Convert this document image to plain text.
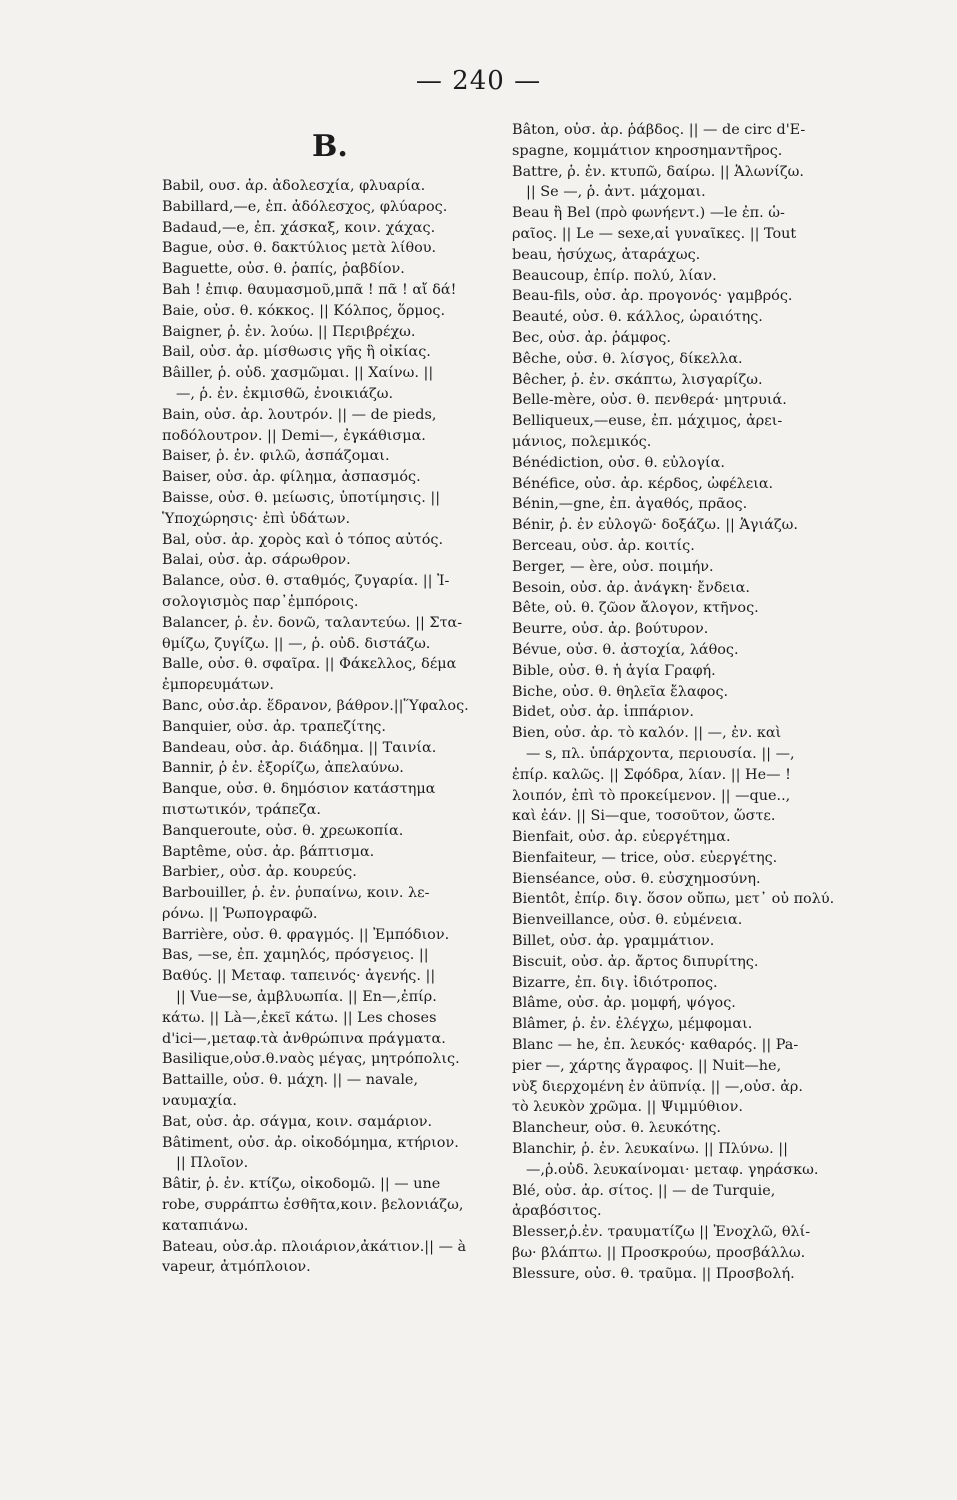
— 240 —
B.
Babil, ουσ. ἀρ. ἀδολεσχία, φλυαρία.
Babillard,—e, ἐπ. ἀδόλεσχος, φλύαρος.
Badaud,—e, ἐπ. χάσκαξ, κοιν. χάχας.
Bague, οὐσ. θ. δακτύλιος μετὰ λίθου.
Baguette, οὐσ. θ. ῥαπίς, ῥαβδίον.
Bah ! ἐπιφ. θαυμασμοῦ,μπᾶ ! πᾶ ! αἴ δά!
Baie, οὐσ. θ. κόκκος. || Κόλπος, ὅρμος.
Baigner, ῥ. ἐν. λούω. || Περιβρέχω.
Bail, οὐσ. ἀρ. μίσθωσις γῆς ἢ οἰκίας.
Bâiller, ῥ. οὐδ. χασμῶμαι. || Χαίνω. ||
—, ῥ. ἐν. ἐκμισθῶ, ἐνοικιάζω.
Bain, οὐσ. ἀρ. λουτρόν. || — de pieds,
ποδόλουτρον. || Demi—, ἐγκάθισμα.
Baiser, ῥ. ἐν. φιλῶ, ἀσπάζομαι.
Baiser, οὐσ. ἀρ. φίλημα, ἀσπασμός.
Baisse, οὐσ. θ. μείωσις, ὑποτίμησις. ||
Ὑποχώρησις· ἐπὶ ὑδάτων.
Bal, οὐσ. ἀρ. χορὸς καὶ ὁ τόπος αὐτός.
Balai, οὐσ. ἀρ. σάρωθρον.
Balance, οὐσ. θ. σταθμός, ζυγαρία. || Ἰ-
σολογισμὸς παρ᾽ἐμπόροις.
Balancer, ῥ. ἐν. δονῶ, ταλαντεύω. || Στα-
θμίζω, ζυγίζω. || —, ῥ. οὐδ. διστάζω.
Balle, οὐσ. θ. σφαῖρα. || Φάκελλος, δέμα
ἐμπορευμάτων.
Banc, οὐσ.ἀρ. ἕδρανον, βάθρον.||Ὕφαλος.
Banquier, οὐσ. ἀρ. τραπεζίτης.
Bandeau, οὐσ. ἀρ. διάδημα. || Ταινία.
Bannir, ῥ ἐν. ἐξορίζω, ἀπελαύνω.
Banque, οὐσ. θ. δημόσιον κατάστημα
πιστωτικόν, τράπεζα.
Banqueroute, οὐσ. θ. χρεωκοπία.
Baptême, οὐσ. ἀρ. βάπτισμα.
Barbier,, οὐσ. ἀρ. κουρεύς.
Barbouiller, ῥ. ἐν. ῥυπαίνω, κοιν. λε-
ρόνω. || Ῥωπογραφῶ.
Barrière, οὐσ. θ. φραγμός. || Ἐμπόδιον.
Bas, —se, ἐπ. χαμηλός, πρόσγειος. ||
Βαθύς. || Μεταφ. ταπεινός· ἀγενής. ||
|| Vue—se, ἀμβλυωπία. || En—,ἐπίρ.
κάτω. || Là—,ἐκεῖ κάτω. || Les choses
d'ici—,μεταφ.τὰ ἀνθρώπινα πράγματα.
Basilique,οὐσ.θ.ναὸς μέγας, μητρόπολις.
Battaille, οὐσ. θ. μάχη. || — navale,
ναυμαχία.
Bat, οὐσ. ἀρ. σάγμα, κοιν. σαμάριον.
Bâtiment, οὐσ. ἀρ. οἰκοδόμημα, κτήριον.
|| Πλοῖον.
Bâtir, ῥ. ἐν. κτίζω, οἰκοδομῶ. || — une
robe, συρράπτω ἐσθῆτα,κοιν. βελονιάζω,
καταπιάνω.
Bateau, οὐσ.ἀρ. πλοιάριον,ἀκάτιον.|| — à
vapeur, ἀτμόπλοιον.
Bâton, οὐσ. ἀρ. ῥάβδος. || — de circ d'E-
spagne, κομμάτιον κηροσημαντῆρος.
Battre, ῥ. ἐν. κτυπῶ, δαίρω. || Ἁλωνίζω.
|| Se —, ῥ. ἀντ. μάχομαι.
Beau ἢ Bel (πρὸ φωνήεντ.) —le ἐπ. ὡ-
ραῖος. || Le — sexe,αἱ γυναῖκες. || Tout
beau, ἡσύχως, ἀταράχως.
Beaucoup, ἐπίρ. πολύ, λίαν.
Beau-fils, οὐσ. ἀρ. προγονός· γαμβρός.
Beauté, οὐσ. θ. κάλλος, ὡραιότης.
Bec, οὐσ. ἀρ. ῥάμφος.
Bêche, οὐσ. θ. λίσγος, δίκελλα.
Bêcher, ῥ. ἐν. σκάπτω, λισγαρίζω.
Belle-mère, οὐσ. θ. πενθερά· μητρυιά.
Belliqueux,—euse, ἐπ. μάχιμος, ἀρει-
μάνιος, πολεμικός.
Bénédiction, οὐσ. θ. εὐλογία.
Bénéfice, οὐσ. ἀρ. κέρδος, ὠφέλεια.
Bénin,—gne, ἐπ. ἀγαθός, πρᾶος.
Bénir, ῥ. ἐν εὐλογῶ· δοξάζω. || Ἁγιάζω.
Berceau, οὐσ. ἀρ. κοιτίς.
Berger, — ère, οὐσ. ποιμήν.
Besoin, οὐσ. ἀρ. ἀνάγκη· ἔνδεια.
Bête, οὐ. θ. ζῶον ἄλογον, κτῆνος.
Beurre, οὐσ. ἀρ. βούτυρον.
Bévue, οὐσ. θ. ἀστοχία, λάθος.
Bible, οὐσ. θ. ἡ ἁγία Γραφή.
Biche, οὐσ. θ. θηλεῖα ἔλαφος.
Bidet, οὐσ. ἀρ. ἱππάριον.
Bien, οὐσ. ἀρ. τὸ καλόν. || —, ἐν. καὶ
— s, πλ. ὑπάρχοντα, περιουσία. || —,
ἐπίρ. καλῶς. || Σφόδρα, λίαν. || He— !
λοιπόν, ἐπὶ τὸ προκείμενον. || —que..,
καὶ ἐάν. || Si—que, τοσοῦτον, ὥστε.
Bienfait, οὐσ. ἀρ. εὐεργέτημα.
Bienfaiteur, — trice, οὐσ. εὐεργέτης.
Bienséance, οὐσ. θ. εὐσχημοσύνη.
Bientôt, ἐπίρ. διγ. ὅσον οὔπω, μετ᾽ οὐ πολύ.
Bienveillance, οὐσ. θ. εὐμένεια.
Billet, οὐσ. ἀρ. γραμμάτιον.
Biscuit, οὐσ. ἀρ. ἄρτος διπυρίτης.
Bizarre, ἐπ. διγ. ἰδιότροπος.
Blâme, οὐσ. ἀρ. μομφή, ψόγος.
Blâmer, ῥ. ἐν. ἐλέγχω, μέμφομαι.
Blanc — he, ἐπ. λευκός· καθαρός. || Pa-
pier —, χάρτης ἄγραφος. || Nuit—he,
νὺξ διερχομένη ἐν ἀϋπνίᾳ. || —,οὐσ. ἀρ.
τὸ λευκὸν χρῶμα. || Ψιμμύθιον.
Blancheur, οὐσ. θ. λευκότης.
Blanchir, ῥ. ἐν. λευκαίνω. || Πλύνω. ||
—,ῥ.οὐδ. λευκαίνομαι· μεταφ. γηράσκω.
Blé, οὐσ. ἀρ. σίτος. || — de Turquie,
ἀραβόσιτος.
Blesser,ῥ.ἐν. τραυματίζω || Ἐνοχλῶ, θλί-
βω· βλάπτω. || Προσκρούω, προσβάλλω.
Blessure, οὐσ. θ. τραῦμα. || Προσβολή.
